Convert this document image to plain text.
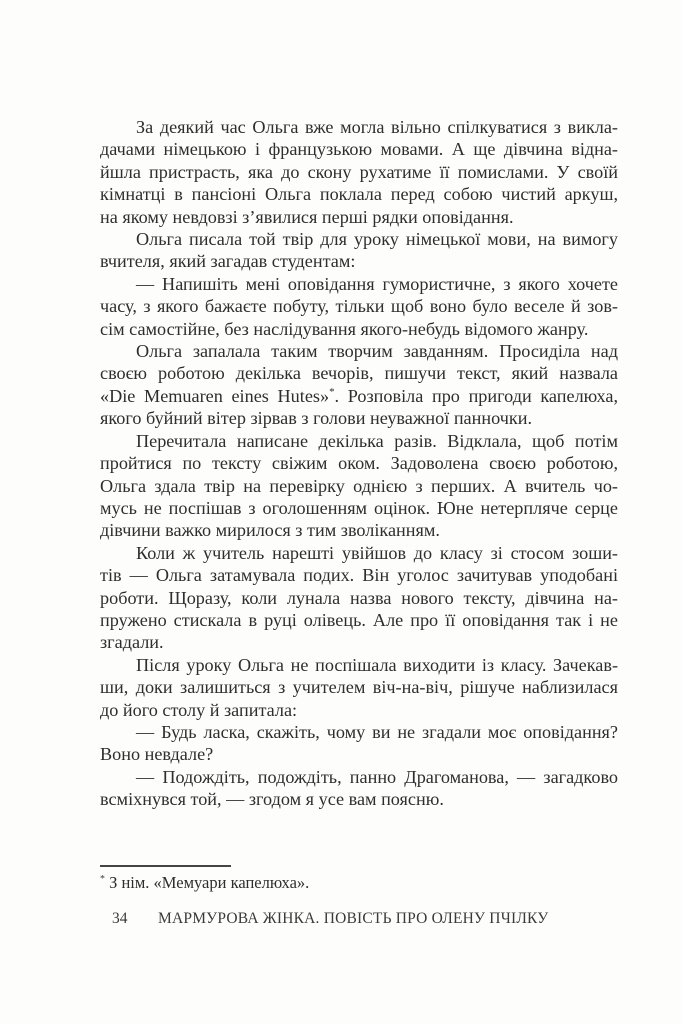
За деякий час Ольга вже могла вільно спілкуватися з викла-
дачами німецькою і французькою мовами. А ще дівчина відна-
йшла пристрасть, яка до скону рухатиме її помислами. У своїй
кімнатці в пансіоні Ольга поклала перед собою чистий аркуш,
на якому невдовзі з’явилися перші рядки оповідання.
Ольга писала той твір для уроку німецької мови, на вимогу
вчителя, який загадав студентам:
— Напишіть мені оповідання гумористичне, з якого хочете
часу, з якого бажаєте побуту, тільки щоб воно було веселе й зов-
сім самостійне, без наслідування якого-небудь відомого жанру.
Ольга запалала таким творчим завданням. Просиділа над
своєю роботою декілька вечорів, пишучи текст, який назвала
«Die Memuaren eines Hutes»*. Розповіла про пригоди капелюха,
якого буйний вітер зірвав з голови неуважної панночки.
Перечитала написане декілька разів. Відклала, щоб потім
пройтися по тексту свіжим оком. Задоволена своєю роботою,
Ольга здала твір на перевірку однією з перших. А вчитель чо-
мусь не поспішав з оголошенням оцінок. Юне нетерпляче серце
дівчини важко мирилося з тим зволіканням.
Коли ж учитель нарешті увійшов до класу зі стосом зоши-
тів — Ольга затамувала подих. Він уголос зачитував уподобані
роботи. Щоразу, коли лунала назва нового тексту, дівчина на-
пружено стискала в руці олівець. Але про її оповідання так і не
згадали.
Після уроку Ольга не поспішала виходити із класу. Зачекав-
ши, доки залишиться з учителем віч-на-віч, рішуче наблизилася
до його столу й запитала:
— Будь ласка, скажіть, чому ви не згадали моє оповідання?
Воно невдале?
— Подождіть, подождіть, панно Драгоманова, — загадково
всміхнувся той, — згодом я усе вам поясню.
* З нім. «Мемуари капелюха».
34 МАРМУРОВА ЖІНКА. ПОВІСТЬ ПРО ОЛЕНУ ПЧІЛКУ
